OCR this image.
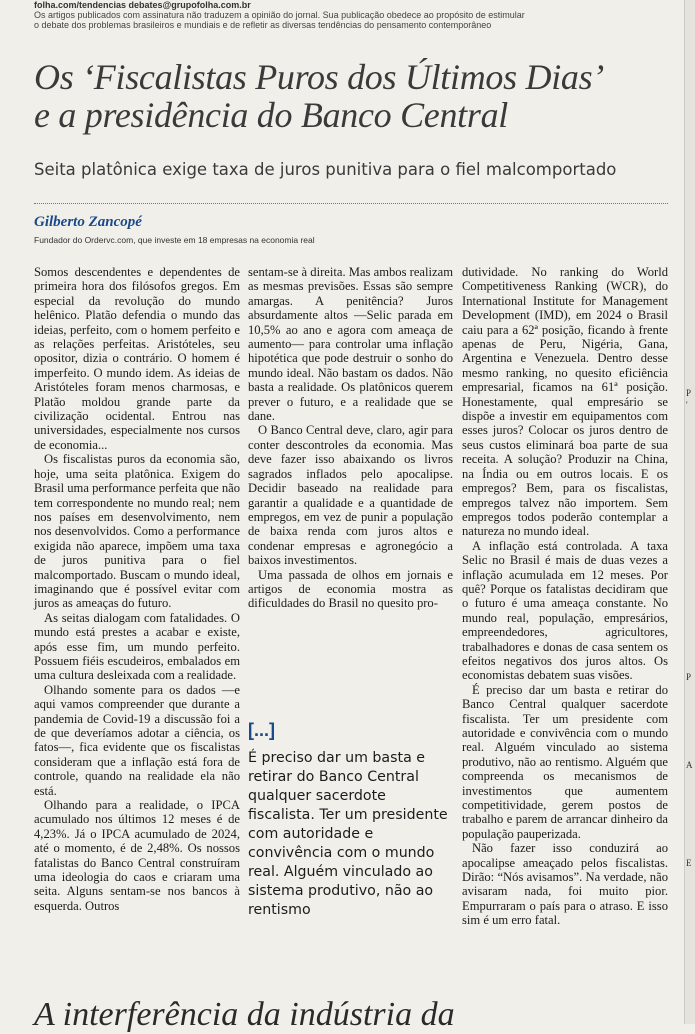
P
'
P
A
E
folha.com/tendencias debates@grupofolha.com.br
Os artigos publicados com assinatura não traduzem a opinião do jornal. Sua publicação obedece ao propósito de estimular
o debate dos problemas brasileiros e mundiais e de refletir as diversas tendências do pensamento contemporâneo
Os ‘Fiscalistas Puros dos Últimos Dias’
e a presidência do Banco Central
Seita platônica exige taxa de juros punitiva para o fiel malcomportado
Gilberto Zancopé
Fundador do Ordervc.com, que investe em 18 empresas na economia real

Somos descendentes e dependentes de primeira hora dos filósofos gregos. Em especial da revolução do mundo helênico. Platão defendia o mundo das ideias, perfeito, com o homem perfeito e as relações perfeitas. Aristóteles, seu opositor, dizia o contrário. O homem é imperfeito. O mundo idem. As ideias de Aristóteles foram menos charmosas, e Platão moldou grande parte da civilização ocidental. Entrou nas universidades, especialmente nos cursos de economia...

Os fiscalistas puros da economia são, hoje, uma seita platônica. Exigem do Brasil uma performance perfeita que não tem correspondente no mundo real; nem nos países em desenvolvimento, nem nos desenvolvidos. Como a performance exigida não aparece, impõem uma taxa de juros punitiva para o fiel malcomportado. Buscam o mundo ideal, imaginando que é possível evitar com juros as ameaças do futuro.

As seitas dialogam com fatalidades. O mundo está prestes a acabar e existe, após esse fim, um mundo perfeito. Possuem fiéis escudeiros, embalados em uma cultura desleixada com a realidade.

Olhando somente para os dados —e aqui vamos compreender que durante a pandemia de Covid-19 a discussão foi a de que deveríamos adotar a ciência, os fatos—, fica evidente que os fiscalistas consideram que a inflação está fora de controle, quando na realidade ela não está.

Olhando para a realidade, o IPCA acumulado nos últimos 12 meses é de 4,23%. Já o IPCA acumulado de 2024, até o momento, é de 2,48%. Os nossos fatalistas do Banco Central construíram uma ideologia do caos e criaram uma seita. Alguns sentam-se nos bancos à esquerda. Outros

sentam-se à direita. Mas ambos realizam as mesmas previsões. Essas são sempre amargas. A penitência? Juros absurdamente altos —Selic parada em 10,5% ao ano e agora com ameaça de aumento— para controlar uma inflação hipotética que pode destruir o sonho do mundo ideal. Não bastam os dados. Não basta a realidade. Os platônicos querem prever o futuro, e a realidade que se dane.

O Banco Central deve, claro, agir para conter descontroles da economia. Mas deve fazer isso abaixando os livros sagrados inflados pelo apocalipse. Decidir baseado na realidade para garantir a qualidade e a quantidade de empregos, em vez de punir a população de baixa renda com juros altos e condenar empresas e agronegócio a baixos investimentos.

Uma passada de olhos em jornais e artigos de economia mostra as dificuldades do Brasil no quesito pro-

[...]
É preciso dar um basta e retirar do Banco Central qualquer sacerdote fiscalista. Ter um presidente com autoridade e convivência com o mundo real. Alguém vinculado ao sistema produtivo, não ao rentismo

dutividade. No ranking do World Competitiveness Ranking (WCR), do International Institute for Management Development (IMD), em 2024 o Brasil caiu para a 62ª posição, ficando à frente apenas de Peru, Nigéria, Gana, Argentina e Venezuela. Dentro desse mesmo ranking, no quesito eficiência empresarial, ficamos na 61ª posição. Honestamente, qual empresário se dispõe a investir em equipamentos com esses juros? Colocar os juros dentro de seus custos eliminará boa parte de sua receita. A solução? Produzir na China, na Índia ou em outros locais. E os empregos? Bem, para os fiscalistas, empregos talvez não importem. Sem empregos todos poderão contemplar a natureza no mundo ideal.

A inflação está controlada. A taxa Selic no Brasil é mais de duas vezes a inflação acumulada em 12 meses. Por quê? Porque os fatalistas decidiram que o futuro é uma ameaça constante. No mundo real, população, empresários, empreendedores, agricultores, trabalhadores e donas de casa sentem os efeitos negativos dos juros altos. Os economistas debatem suas visões.

É preciso dar um basta e retirar do Banco Central qualquer sacerdote fiscalista. Ter um presidente com autoridade e convivência com o mundo real. Alguém vinculado ao sistema produtivo, não ao rentismo. Alguém que compreenda os mecanismos de investimentos que aumentem competitividade, gerem postos de trabalho e parem de arrancar dinheiro da população pauperizada.

Não fazer isso conduzirá ao apocalipse ameaçado pelos fiscalistas. Dirão: “Nós avisamos”. Na verdade, não avisaram nada, foi muito pior. Empurraram o país para o atraso. E isso sim é um erro fatal.

A interferência da indústria da
